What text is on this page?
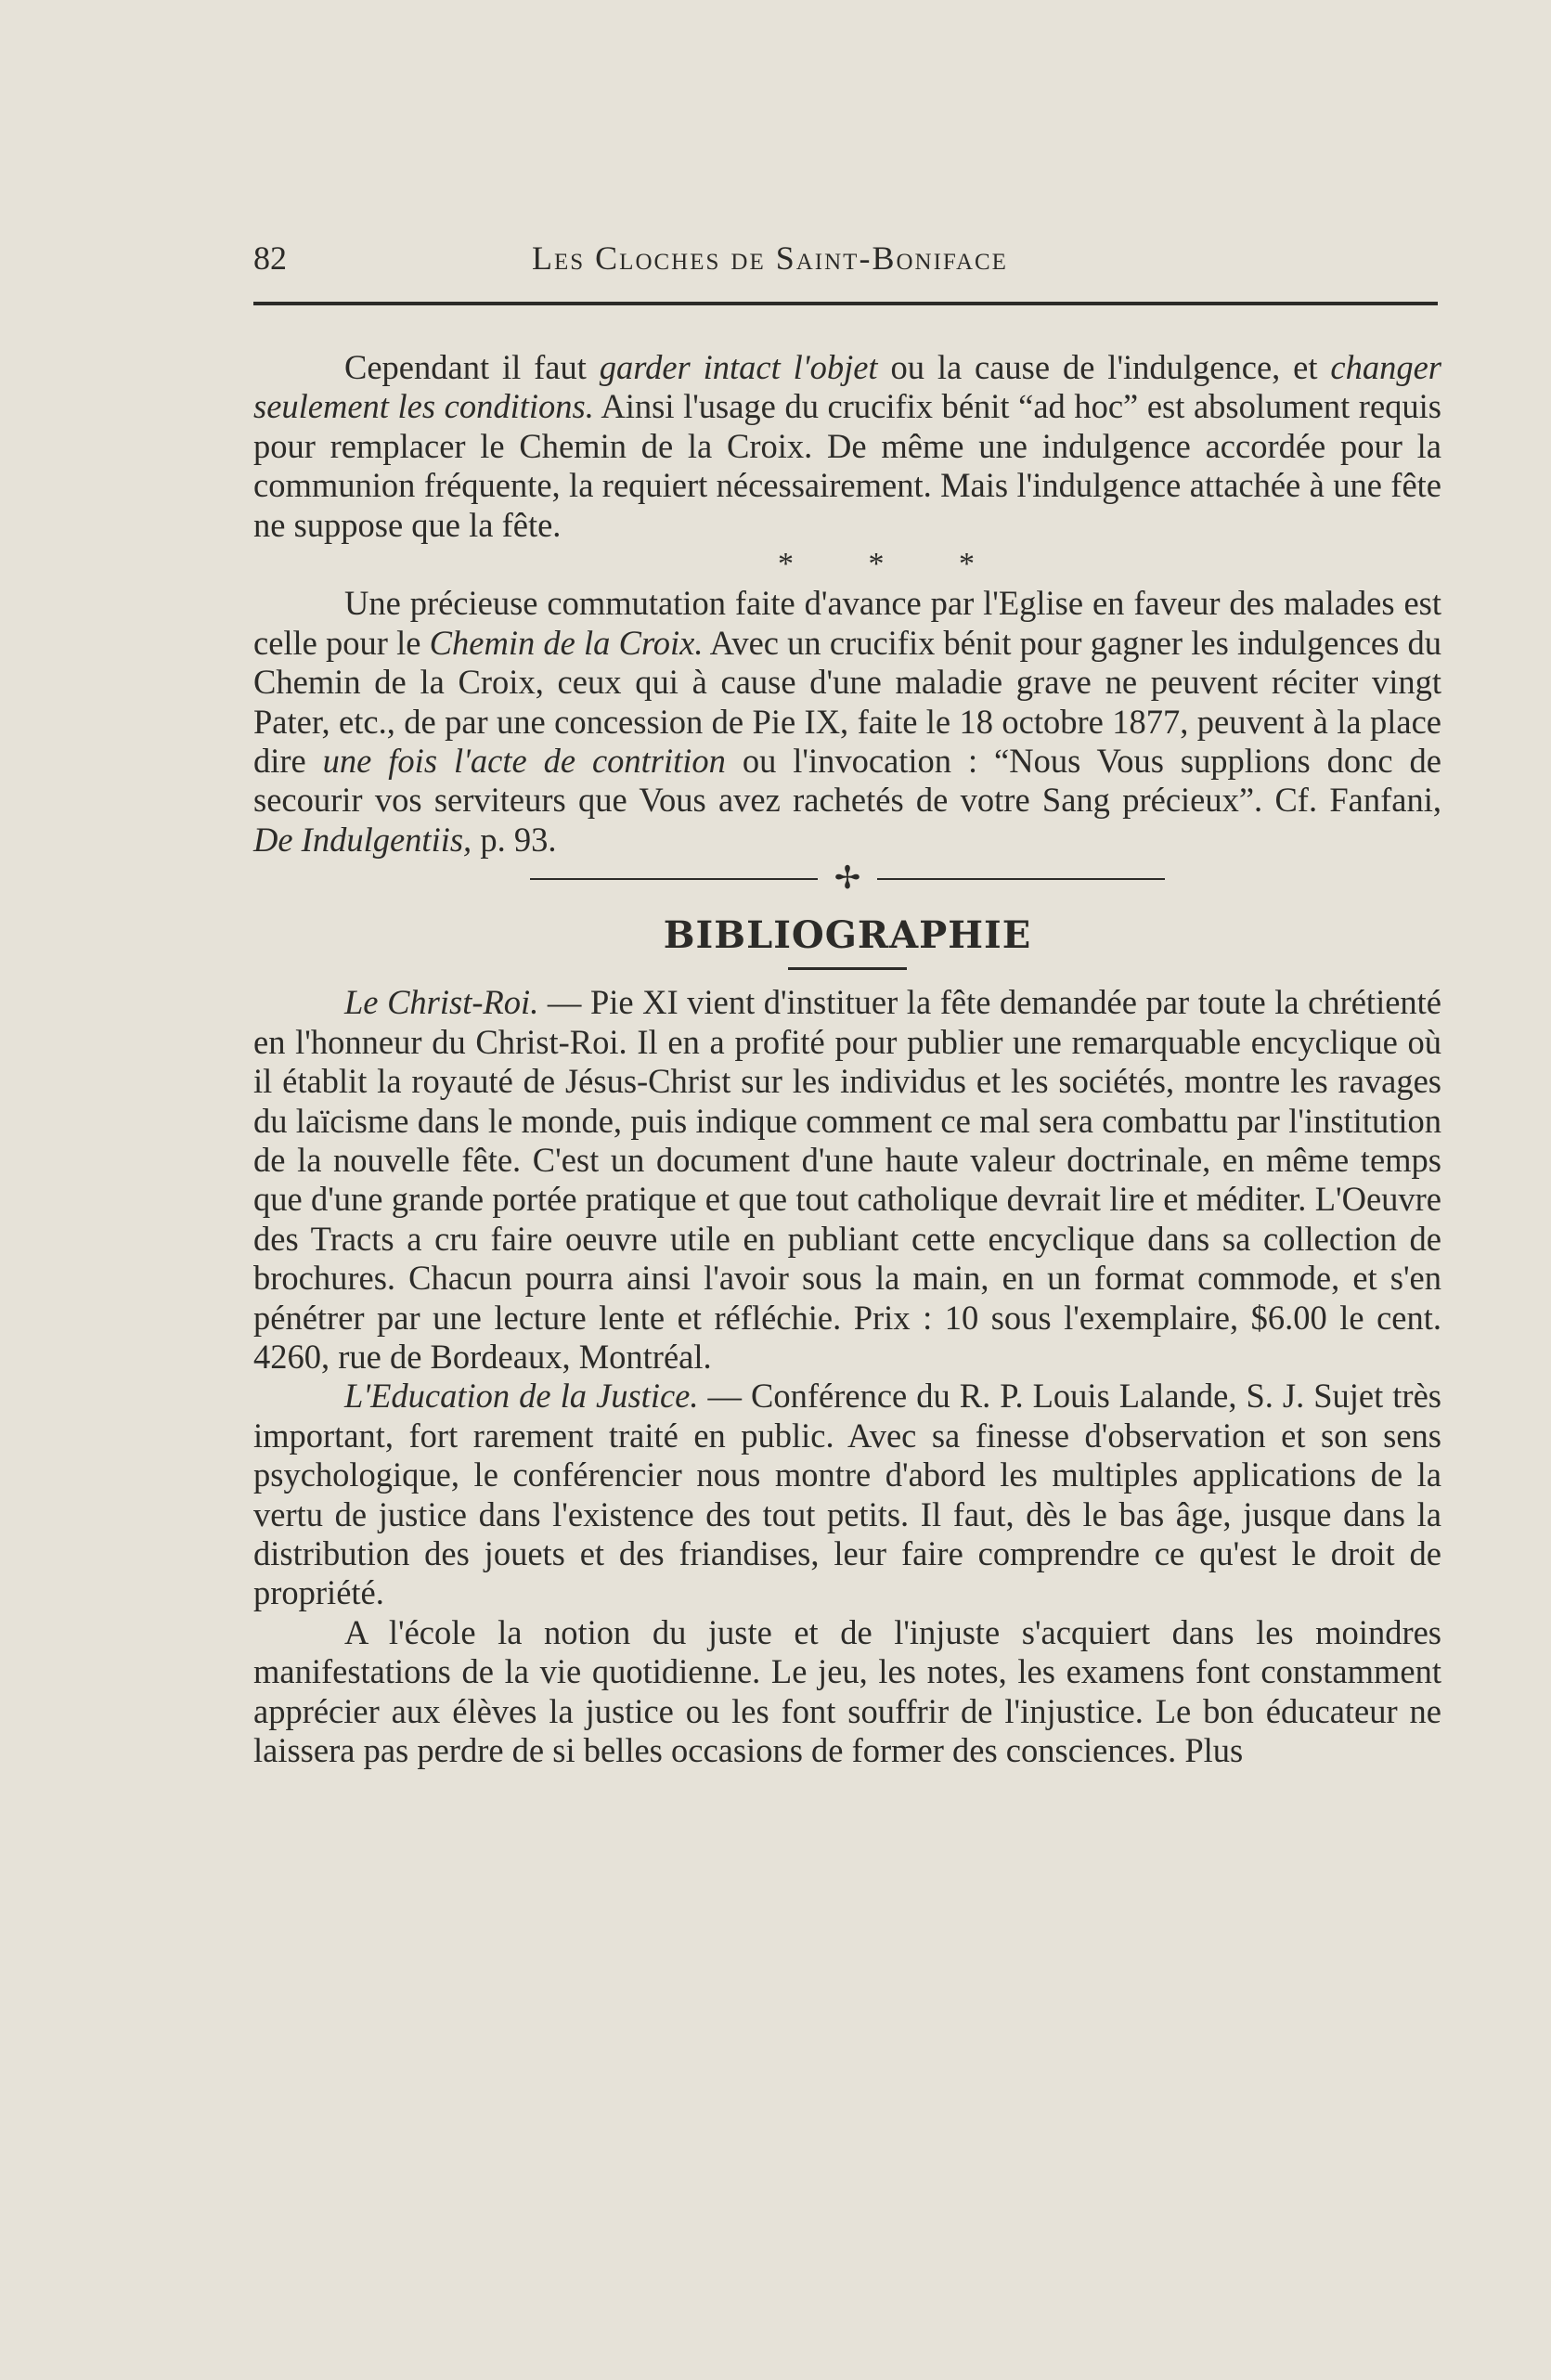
82	Les Cloches de Saint-Boniface

Cependant il faut garder intact l'objet ou la cause de l'indulgence, et changer seulement les conditions. Ainsi l'usage du crucifix bénit “ad hoc” est absolument requis pour remplacer le Chemin de la Croix. De même une indulgence accordée pour la communion fréquente, la requiert nécessairement. Mais l'indulgence attachée à une fête ne suppose que la fête.

* * *

Une précieuse commutation faite d'avance par l'Eglise en faveur des malades est celle pour le Chemin de la Croix. Avec un crucifix bénit pour gagner les indulgences du Chemin de la Croix, ceux qui à cause d'une maladie grave ne peuvent réciter vingt Pater, etc., de par une concession de Pie IX, faite le 18 octobre 1877, peuvent à la place dire une fois l'acte de contrition ou l'invocation : “Nous Vous supplions donc de secourir vos serviteurs que Vous avez rachetés de votre Sang précieux”. Cf. Fanfani, De Indulgentiis, p. 93.

✢
BIBLIOGRAPHIE

Le Christ-Roi. — Pie XI vient d'instituer la fête demandée par toute la chrétienté en l'honneur du Christ-Roi. Il en a profité pour publier une remarquable encyclique où il établit la royauté de Jésus-Christ sur les individus et les sociétés, montre les ravages du laïcisme dans le monde, puis indique comment ce mal sera combattu par l'institution de la nouvelle fête. C'est un document d'une haute valeur doctrinale, en même temps que d'une grande portée pratique et que tout catholique devrait lire et méditer. L'Oeuvre des Tracts a cru faire oeuvre utile en publiant cette encyclique dans sa collection de brochures. Chacun pourra ainsi l'avoir sous la main, en un format commode, et s'en pénétrer par une lecture lente et réfléchie. Prix : 10 sous l'exemplaire, $6.00 le cent. 4260, rue de Bordeaux, Montréal.

L'Education de la Justice. — Conférence du R. P. Louis Lalande, S. J. Sujet très important, fort rarement traité en public. Avec sa finesse d'observation et son sens psychologique, le conférencier nous montre d'abord les multiples applications de la vertu de justice dans l'existence des tout petits. Il faut, dès le bas âge, jusque dans la distribution des jouets et des friandises, leur faire comprendre ce qu'est le droit de propriété.

A l'école la notion du juste et de l'injuste s'acquiert dans les moindres manifestations de la vie quotidienne. Le jeu, les notes, les examens font constamment apprécier aux élèves la justice ou les font souffrir de l'injustice. Le bon éducateur ne laissera pas perdre de si belles occasions de former des consciences. Plus
